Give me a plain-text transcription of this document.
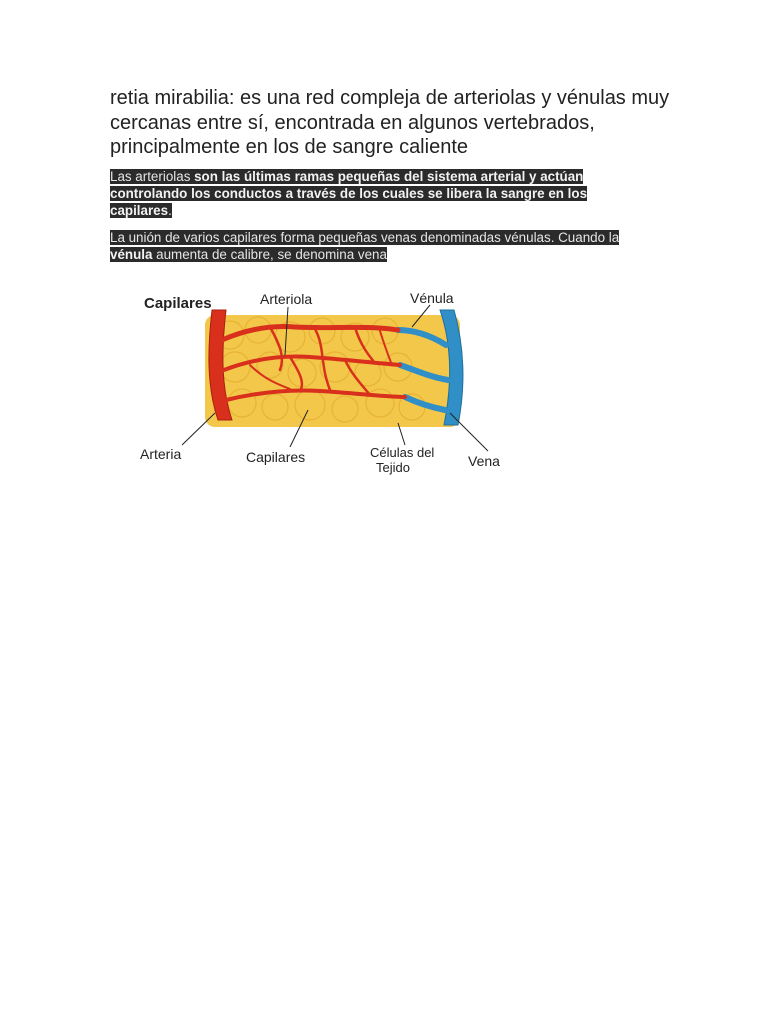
retia mirabilia: es una red compleja de arteriolas y vénulas muy cercanas entre sí, encontrada en algunos vertebrados, principalmente en los de sangre caliente
Las arteriolas son las últimas ramas pequeñas del sistema arterial y actúan controlando los conductos a través de los cuales se libera la sangre en los capilares.
La unión de varios capilares forma pequeñas venas denominadas vénulas. Cuando la vénula aumenta de calibre, se denomina vena
Capilares	Arteriola	Vénula
Arteria	Capilares	Células del
Tejido	Vena
